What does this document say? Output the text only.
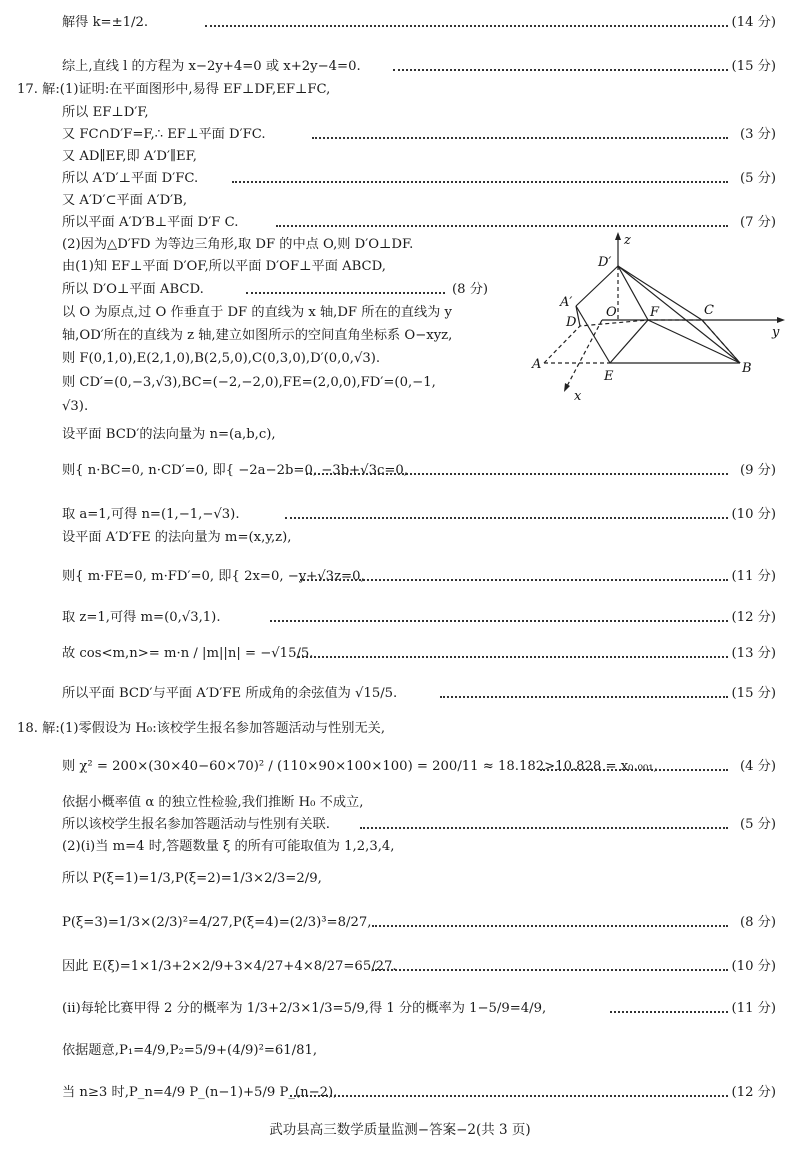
解得 k=±1/2.	(14 分)
综上,直线 l 的方程为 x−2y+4=0 或 x+2y−4=0.	(15 分)
17. 解:(1)证明:在平面图形中,易得 EF⊥DF,EF⊥FC,
所以 EF⊥D′F,
又 FC∩D′F=F,∴ EF⊥平面 D′FC.	(3 分)
又 AD∥EF,即 A′D′∥EF,
所以 A′D′⊥平面 D′FC.	(5 分)
又 A′D′⊂平面 A′D′B,
所以平面 A′D′B⊥平面 D′F C.	(7 分)
(2)因为△D′FD 为等边三角形,取 DF 的中点 O,则 D′O⊥DF.
由(1)知 EF⊥平面 D′OF,所以平面 D′OF⊥平面 ABCD,
所以 D′O⊥平面 ABCD.	(8 分)
以 O 为原点,过 O 作垂直于 DF 的直线为 x 轴,DF 所在的直线为 y
轴,OD′所在的直线为 z 轴,建立如图所示的空间直角坐标系 O−xyz,
则 F(0,1,0),E(2,1,0),B(2,5,0),C(0,3,0),D′(0,0,√3).
则 CD′=(0,−3,√3),BC=(−2,−2,0),FE=(2,0,0),FD′=(0,−1,
√3).
设平面 BCD′的法向量为 n=(a,b,c),
则{ n·BC=0, n·CD′=0, 即{ −2a−2b=0, −3b+√3c=0,	(9 分)
取 a=1,可得 n=(1,−1,−√3).	(10 分)
设平面 A′D′FE 的法向量为 m=(x,y,z),
则{ m·FE=0, m·FD′=0, 即{ 2x=0, −y+√3z=0,	(11 分)
取 z=1,可得 m=(0,√3,1).	(12 分)
故 cos<m,n>= m·n / |m||n| = −√15/5.	(13 分)
所以平面 BCD′与平面 A′D′FE 所成角的余弦值为 √15/5.	(15 分)
18. 解:(1)零假设为 H₀:该校学生报名参加答题活动与性别无关,
则 χ² = 200×(30×40−60×70)² / (110×90×100×100) = 200/11 ≈ 18.182>10.828 = x₀.₀₀₁,	(4 分)
依据小概率值 α 的独立性检验,我们推断 H₀ 不成立,
所以该校学生报名参加答题活动与性别有关联.	(5 分)
(2)(i)当 m=4 时,答题数量 ξ 的所有可能取值为 1,2,3,4,
所以 P(ξ=1)=1/3,P(ξ=2)=1/3×2/3=2/9,
P(ξ=3)=1/3×(2/3)²=4/27,P(ξ=4)=(2/3)³=8/27,	(8 分)
因此 E(ξ)=1×1/3+2×2/9+3×4/27+4×8/27=65/27.	(10 分)
(ii)每轮比赛甲得 2 分的概率为 1/3+2/3×1/3=5/9,得 1 分的概率为 1−5/9=4/9,	(11 分)
依据题意,P₁=4/9,P₂=5/9+(4/9)²=61/81,
当 n≥3 时,P_n=4/9 P_(n−1)+5/9 P_(n−2),	(12 分)
z
y
x
D′
A′
D
O	F	C
A
E
B
武功县高三数学质量监测−答案−2(共 3 页)
